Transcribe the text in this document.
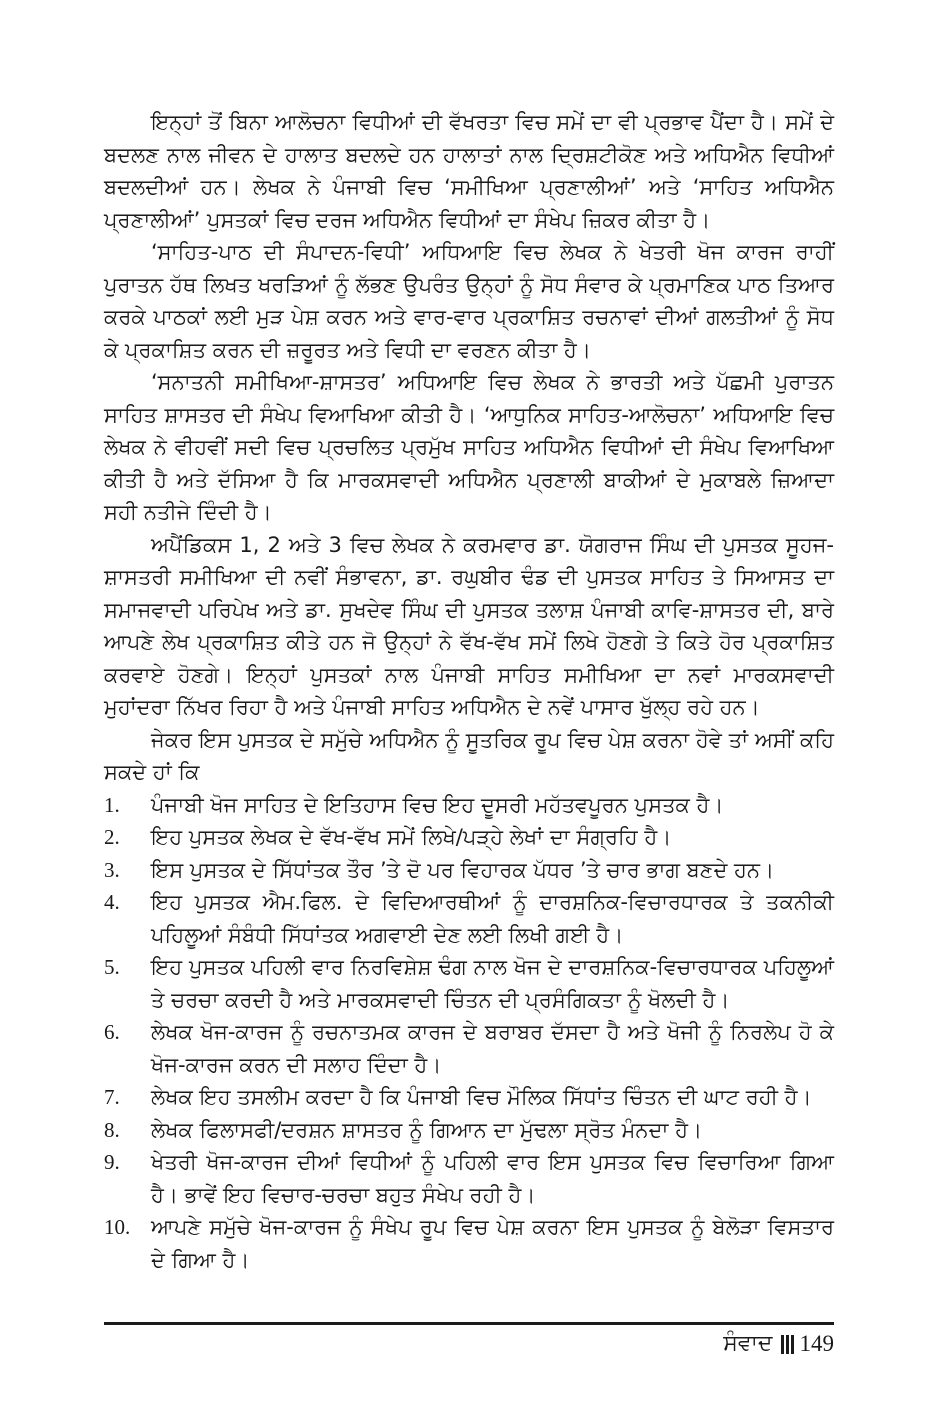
ਇਨ੍ਹਾਂ ਤੋਂ ਬਿਨਾ ਆਲੋਚਨਾ ਵਿਧੀਆਂ ਦੀ ਵੱਖਰਤਾ ਵਿਚ ਸਮੇਂ ਦਾ ਵੀ ਪ੍ਰਭਾਵ ਪੈਂਦਾ ਹੈ। ਸਮੇਂ ਦੇ ਬਦਲਣ ਨਾਲ ਜੀਵਨ ਦੇ ਹਾਲਾਤ ਬਦਲਦੇ ਹਨ ਹਾਲਾਤਾਂ ਨਾਲ ਦ੍ਰਿਸ਼ਟੀਕੋਣ ਅਤੇ ਅਧਿਐਨ ਵਿਧੀਆਂ ਬਦਲਦੀਆਂ ਹਨ। ਲੇਖਕ ਨੇ ਪੰਜਾਬੀ ਵਿਚ ‘ਸਮੀਖਿਆ ਪ੍ਰਣਾਲੀਆਂ’ ਅਤੇ ‘ਸਾਹਿਤ ਅਧਿਐਨ ਪ੍ਰਣਾਲੀਆਂ’ ਪੁਸਤਕਾਂ ਵਿਚ ਦਰਜ ਅਧਿਐਨ ਵਿਧੀਆਂ ਦਾ ਸੰਖੇਪ ਜ਼ਿਕਰ ਕੀਤਾ ਹੈ।

‘ਸਾਹਿਤ-ਪਾਠ ਦੀ ਸੰਪਾਦਨ-ਵਿਧੀ’ ਅਧਿਆਇ ਵਿਚ ਲੇਖਕ ਨੇ ਖੇਤਰੀ ਖੋਜ ਕਾਰਜ ਰਾਹੀਂ ਪੁਰਾਤਨ ਹੱਥ ਲਿਖਤ ਖਰੜਿਆਂ ਨੂੰ ਲੱਭਣ ਉਪਰੰਤ ਉਨ੍ਹਾਂ ਨੂੰ ਸੋਧ ਸੰਵਾਰ ਕੇ ਪ੍ਰਮਾਣਿਕ ਪਾਠ ਤਿਆਰ ਕਰਕੇ ਪਾਠਕਾਂ ਲਈ ਮੁੜ ਪੇਸ਼ ਕਰਨ ਅਤੇ ਵਾਰ-ਵਾਰ ਪ੍ਰਕਾਸ਼ਿਤ ਰਚਨਾਵਾਂ ਦੀਆਂ ਗਲਤੀਆਂ ਨੂੰ ਸੋਧ ਕੇ ਪ੍ਰਕਾਸ਼ਿਤ ਕਰਨ ਦੀ ਜ਼ਰੂਰਤ ਅਤੇ ਵਿਧੀ ਦਾ ਵਰਣਨ ਕੀਤਾ ਹੈ।

‘ਸਨਾਤਨੀ ਸਮੀਖਿਆ-ਸ਼ਾਸਤਰ’ ਅਧਿਆਇ ਵਿਚ ਲੇਖਕ ਨੇ ਭਾਰਤੀ ਅਤੇ ਪੱਛਮੀ ਪੁਰਾਤਨ ਸਾਹਿਤ ਸ਼ਾਸਤਰ ਦੀ ਸੰਖੇਪ ਵਿਆਖਿਆ ਕੀਤੀ ਹੈ। ‘ਆਧੁਨਿਕ ਸਾਹਿਤ-ਆਲੋਚਨਾ’ ਅਧਿਆਇ ਵਿਚ ਲੇਖਕ ਨੇ ਵੀਹਵੀਂ ਸਦੀ ਵਿਚ ਪ੍ਰਚਲਿਤ ਪ੍ਰਮੁੱਖ ਸਾਹਿਤ ਅਧਿਐਨ ਵਿਧੀਆਂ ਦੀ ਸੰਖੇਪ ਵਿਆਖਿਆ ਕੀਤੀ ਹੈ ਅਤੇ ਦੱਸਿਆ ਹੈ ਕਿ ਮਾਰਕਸਵਾਦੀ ਅਧਿਐਨ ਪ੍ਰਣਾਲੀ ਬਾਕੀਆਂ ਦੇ ਮੁਕਾਬਲੇ ਜ਼ਿਆਦਾ ਸਹੀ ਨਤੀਜੇ ਦਿੰਦੀ ਹੈ।

ਅਪੈਂਡਿਕਸ 1, 2 ਅਤੇ 3 ਵਿਚ ਲੇਖਕ ਨੇ ਕਰਮਵਾਰ ਡਾ. ਯੋਗਰਾਜ ਸਿੰਘ ਦੀ ਪੁਸਤਕ ਸੂਹਜ-ਸ਼ਾਸਤਰੀ ਸਮੀਖਿਆ ਦੀ ਨਵੀਂ ਸੰਭਾਵਨਾ, ਡਾ. ਰਘੁਬੀਰ ਢੰਡ ਦੀ ਪੁਸਤਕ ਸਾਹਿਤ ਤੇ ਸਿਆਸਤ ਦਾ ਸਮਾਜਵਾਦੀ ਪਰਿਪੇਖ ਅਤੇ ਡਾ. ਸੁਖਦੇਵ ਸਿੰਘ ਦੀ ਪੁਸਤਕ ਤਲਾਸ਼ ਪੰਜਾਬੀ ਕਾਵਿ-ਸ਼ਾਸਤਰ ਦੀ, ਬਾਰੇ ਆਪਣੇ ਲੇਖ ਪ੍ਰਕਾਸ਼ਿਤ ਕੀਤੇ ਹਨ ਜੋ ਉਨ੍ਹਾਂ ਨੇ ਵੱਖ-ਵੱਖ ਸਮੇਂ ਲਿਖੇ ਹੋਣਗੇ ਤੇ ਕਿਤੇ ਹੋਰ ਪ੍ਰਕਾਸ਼ਿਤ ਕਰਵਾਏ ਹੋਣਗੇ। ਇਨ੍ਹਾਂ ਪੁਸਤਕਾਂ ਨਾਲ ਪੰਜਾਬੀ ਸਾਹਿਤ ਸਮੀਖਿਆ ਦਾ ਨਵਾਂ ਮਾਰਕਸਵਾਦੀ ਮੁਹਾਂਦਰਾ ਨਿੱਖਰ ਰਿਹਾ ਹੈ ਅਤੇ ਪੰਜਾਬੀ ਸਾਹਿਤ ਅਧਿਐਨ ਦੇ ਨਵੇਂ ਪਾਸਾਰ ਖੁੱਲ੍ਹ ਰਹੇ ਹਨ।

ਜੇਕਰ ਇਸ ਪੁਸਤਕ ਦੇ ਸਮੁੱਚੇ ਅਧਿਐਨ ਨੂੰ ਸੂਤਰਿਕ ਰੂਪ ਵਿਚ ਪੇਸ਼ ਕਰਨਾ ਹੋਵੇ ਤਾਂ ਅਸੀਂ ਕਹਿ ਸਕਦੇ ਹਾਂ ਕਿ

1.	ਪੰਜਾਬੀ ਖੋਜ ਸਾਹਿਤ ਦੇ ਇਤਿਹਾਸ ਵਿਚ ਇਹ ਦੂਸਰੀ ਮਹੱਤਵਪੂਰਨ ਪੁਸਤਕ ਹੈ।
2.	ਇਹ ਪੁਸਤਕ ਲੇਖਕ ਦੇ ਵੱਖ-ਵੱਖ ਸਮੇਂ ਲਿਖੇ/ਪੜ੍ਹੇ ਲੇਖਾਂ ਦਾ ਸੰਗ੍ਰਹਿ ਹੈ।
3.	ਇਸ ਪੁਸਤਕ ਦੇ ਸਿੱਧਾਂਤਕ ਤੌਰ ’ਤੇ ਦੋ ਪਰ ਵਿਹਾਰਕ ਪੱਧਰ ’ਤੇ ਚਾਰ ਭਾਗ ਬਣਦੇ ਹਨ।
4.	ਇਹ ਪੁਸਤਕ ਐਮ.ਫਿਲ. ਦੇ ਵਿਦਿਆਰਥੀਆਂ ਨੂੰ ਦਾਰਸ਼ਨਿਕ-ਵਿਚਾਰਧਾਰਕ ਤੇ ਤਕਨੀਕੀ ਪਹਿਲੂਆਂ ਸੰਬੰਧੀ ਸਿੱਧਾਂਤਕ ਅਗਵਾਈ ਦੇਣ ਲਈ ਲਿਖੀ ਗਈ ਹੈ।
5.	ਇਹ ਪੁਸਤਕ ਪਹਿਲੀ ਵਾਰ ਨਿਰਵਿਸ਼ੇਸ਼ ਢੰਗ ਨਾਲ ਖੋਜ ਦੇ ਦਾਰਸ਼ਨਿਕ-ਵਿਚਾਰਧਾਰਕ ਪਹਿਲੂਆਂ ਤੇ ਚਰਚਾ ਕਰਦੀ ਹੈ ਅਤੇ ਮਾਰਕਸਵਾਦੀ ਚਿੰਤਨ ਦੀ ਪ੍ਰਸੰਗਿਕਤਾ ਨੂੰ ਖੋਲਦੀ ਹੈ।
6.	ਲੇਖਕ ਖੋਜ-ਕਾਰਜ ਨੂੰ ਰਚਨਾਤਮਕ ਕਾਰਜ ਦੇ ਬਰਾਬਰ ਦੱਸਦਾ ਹੈ ਅਤੇ ਖੋਜੀ ਨੂੰ ਨਿਰਲੇਪ ਹੋ ਕੇ ਖੋਜ-ਕਾਰਜ ਕਰਨ ਦੀ ਸਲਾਹ ਦਿੰਦਾ ਹੈ।
7.	ਲੇਖਕ ਇਹ ਤਸਲੀਮ ਕਰਦਾ ਹੈ ਕਿ ਪੰਜਾਬੀ ਵਿਚ ਮੌਲਿਕ ਸਿੱਧਾਂਤ ਚਿੰਤਨ ਦੀ ਘਾਟ ਰਹੀ ਹੈ।
8.	ਲੇਖਕ ਫਿਲਾਸਫੀ/ਦਰਸ਼ਨ ਸ਼ਾਸਤਰ ਨੂੰ ਗਿਆਨ ਦਾ ਮੁੱਢਲਾ ਸ੍ਰੋਤ ਮੰਨਦਾ ਹੈ।
9.	ਖੇਤਰੀ ਖੋਜ-ਕਾਰਜ ਦੀਆਂ ਵਿਧੀਆਂ ਨੂੰ ਪਹਿਲੀ ਵਾਰ ਇਸ ਪੁਸਤਕ ਵਿਚ ਵਿਚਾਰਿਆ ਗਿਆ ਹੈ। ਭਾਵੇਂ ਇਹ ਵਿਚਾਰ-ਚਰਚਾ ਬਹੁਤ ਸੰਖੇਪ ਰਹੀ ਹੈ।
10. ਆਪਣੇ ਸਮੁੱਚੇ ਖੋਜ-ਕਾਰਜ ਨੂੰ ਸੰਖੇਪ ਰੂਪ ਵਿਚ ਪੇਸ਼ ਕਰਨਾ ਇਸ ਪੁਸਤਕ ਨੂੰ ਬੇਲੋੜਾ ਵਿਸਤਾਰ ਦੇ ਗਿਆ ਹੈ।
ਸੰਵਾਦ 149
